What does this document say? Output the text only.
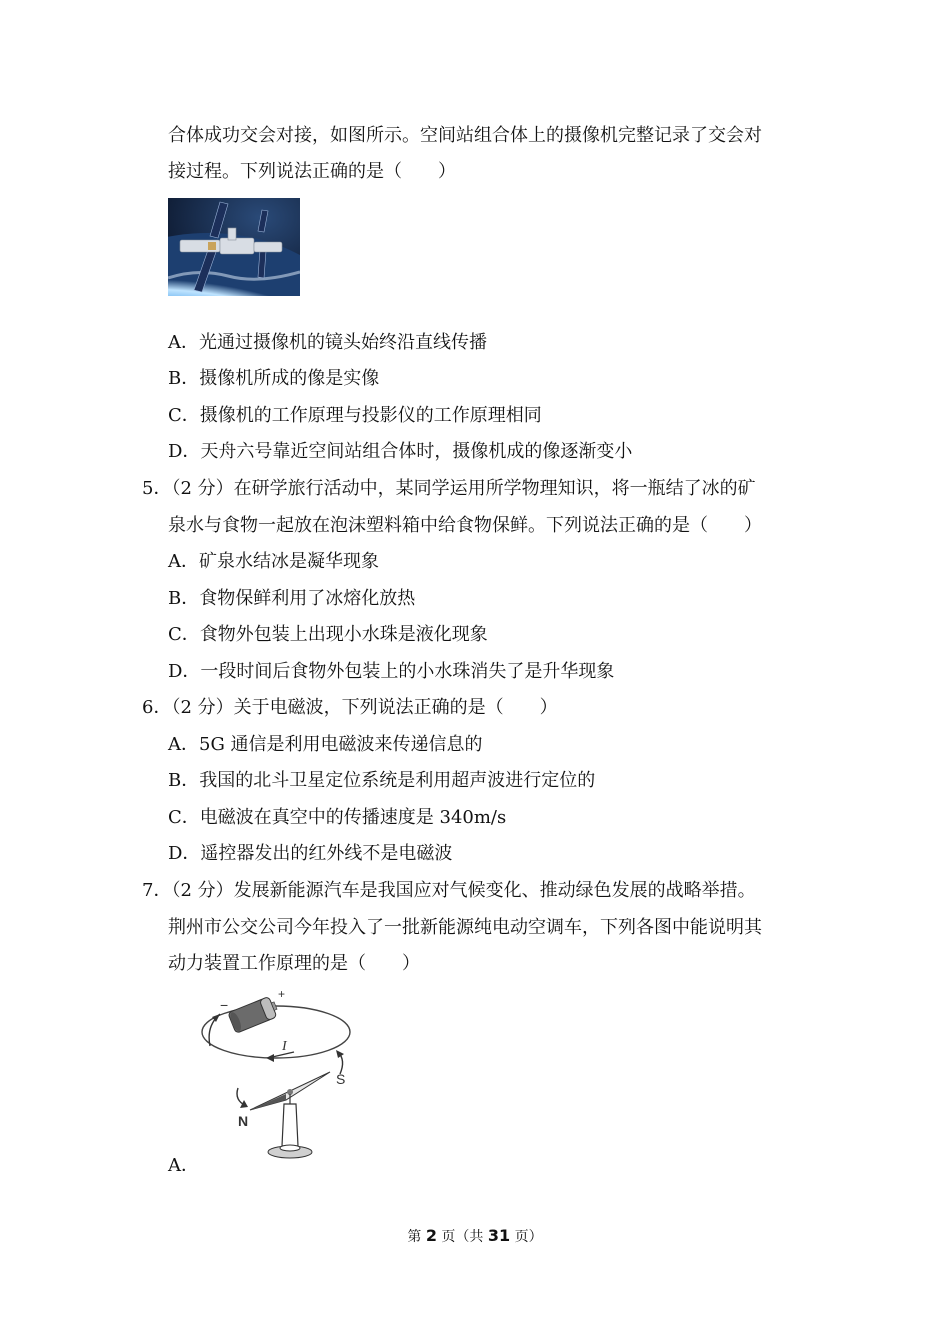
合体成功交会对接，如图所示。空间站组合体上的摄像机完整记录了交会对
接过程。下列说法正确的是（　　）
A．光通过摄像机的镜头始终沿直线传播
B．摄像机所成的像是实像
C．摄像机的工作原理与投影仪的工作原理相同
D．天舟六号靠近空间站组合体时，摄像机成的像逐渐变小
5．（2 分）在研学旅行活动中，某同学运用所学物理知识，将一瓶结了冰的矿
泉水与食物一起放在泡沫塑料箱中给食物保鲜。下列说法正确的是（　　）
A．矿泉水结冰是凝华现象
B．食物保鲜利用了冰熔化放热
C．食物外包装上出现小水珠是液化现象
D．一段时间后食物外包装上的小水珠消失了是升华现象
6．（2 分）关于电磁波，下列说法正确的是（　　）
A．5G 通信是利用电磁波来传递信息的
B．我国的北斗卫星定位系统是利用超声波进行定位的
C．电磁波在真空中的传播速度是 340m/s
D．遥控器发出的红外线不是电磁波
7．（2 分）发展新能源汽车是我国应对气候变化、推动绿色发展的战略举措。
荆州市公交公司今年投入了一批新能源纯电动空调车，下列各图中能说明其
动力装置工作原理的是（　　）
−
+
I
S
N
A．
第 2 页（共 31 页）
